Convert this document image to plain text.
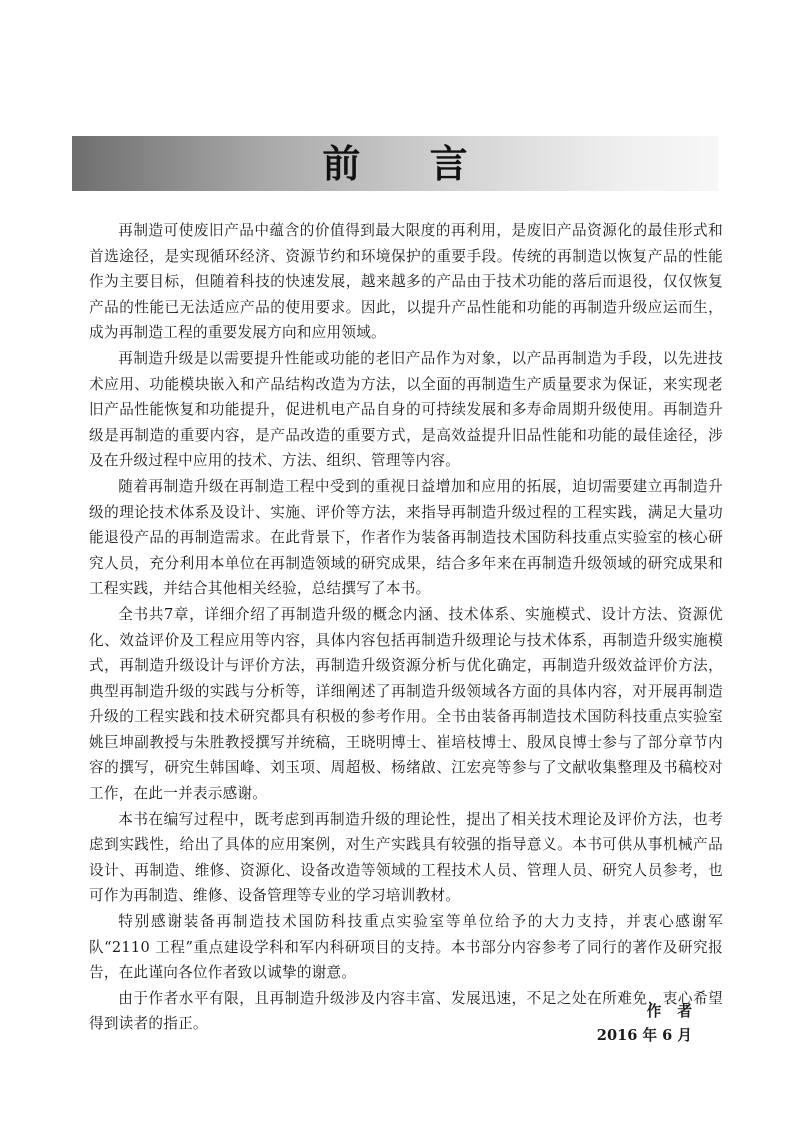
前 言

再制造可使废旧产品中蕴含的价值得到最大限度的再利用，是废旧产品资源化的最佳形式和首选途径，是实现循环经济、资源节约和环境保护的重要手段。传统的再制造以恢复产品的性能作为主要目标，但随着科技的快速发展，越来越多的产品由于技术功能的落后而退役，仅仅恢复产品的性能已无法适应产品的使用要求。因此，以提升产品性能和功能的再制造升级应运而生，成为再制造工程的重要发展方向和应用领域。

再制造升级是以需要提升性能或功能的老旧产品作为对象，以产品再制造为手段，以先进技术应用、功能模块嵌入和产品结构改造为方法，以全面的再制造生产质量要求为保证，来实现老旧产品性能恢复和功能提升，促进机电产品自身的可持续发展和多寿命周期升级使用。再制造升级是再制造的重要内容，是产品改造的重要方式，是高效益提升旧品性能和功能的最佳途径，涉及在升级过程中应用的技术、方法、组织、管理等内容。

随着再制造升级在再制造工程中受到的重视日益增加和应用的拓展，迫切需要建立再制造升级的理论技术体系及设计、实施、评价等方法，来指导再制造升级过程的工程实践，满足大量功能退役产品的再制造需求。在此背景下，作者作为装备再制造技术国防科技重点实验室的核心研究人员，充分利用本单位在再制造领域的研究成果，结合多年来在再制造升级领域的研究成果和工程实践，并结合其他相关经验，总结撰写了本书。

全书共7章，详细介绍了再制造升级的概念内涵、技术体系、实施模式、设计方法、资源优化、效益评价及工程应用等内容，具体内容包括再制造升级理论与技术体系，再制造升级实施模式，再制造升级设计与评价方法，再制造升级资源分析与优化确定，再制造升级效益评价方法，典型再制造升级的实践与分析等，详细阐述了再制造升级领域各方面的具体内容，对开展再制造升级的工程实践和技术研究都具有积极的参考作用。全书由装备再制造技术国防科技重点实验室姚巨坤副教授与朱胜教授撰写并统稿，王晓明博士、崔培枝博士、殷凤良博士参与了部分章节内容的撰写，研究生韩国峰、刘玉项、周超极、杨绪啟、江宏亮等参与了文献收集整理及书稿校对工作，在此一并表示感谢。

本书在编写过程中，既考虑到再制造升级的理论性，提出了相关技术理论及评价方法，也考虑到实践性，给出了具体的应用案例，对生产实践具有较强的指导意义。本书可供从事机械产品设计、再制造、维修、资源化、设备改造等领域的工程技术人员、管理人员、研究人员参考，也可作为再制造、维修、设备管理等专业的学习培训教材。

特别感谢装备再制造技术国防科技重点实验室等单位给予的大力支持，并衷心感谢军队“2110 工程”重点建设学科和军内科研项目的支持。本书部分内容参考了同行的著作及研究报告，在此谨向各位作者致以诚挚的谢意。

由于作者水平有限，且再制造升级涉及内容丰富、发展迅速，不足之处在所难免，衷心希望得到读者的指正。

作者
2016 年 6 月
